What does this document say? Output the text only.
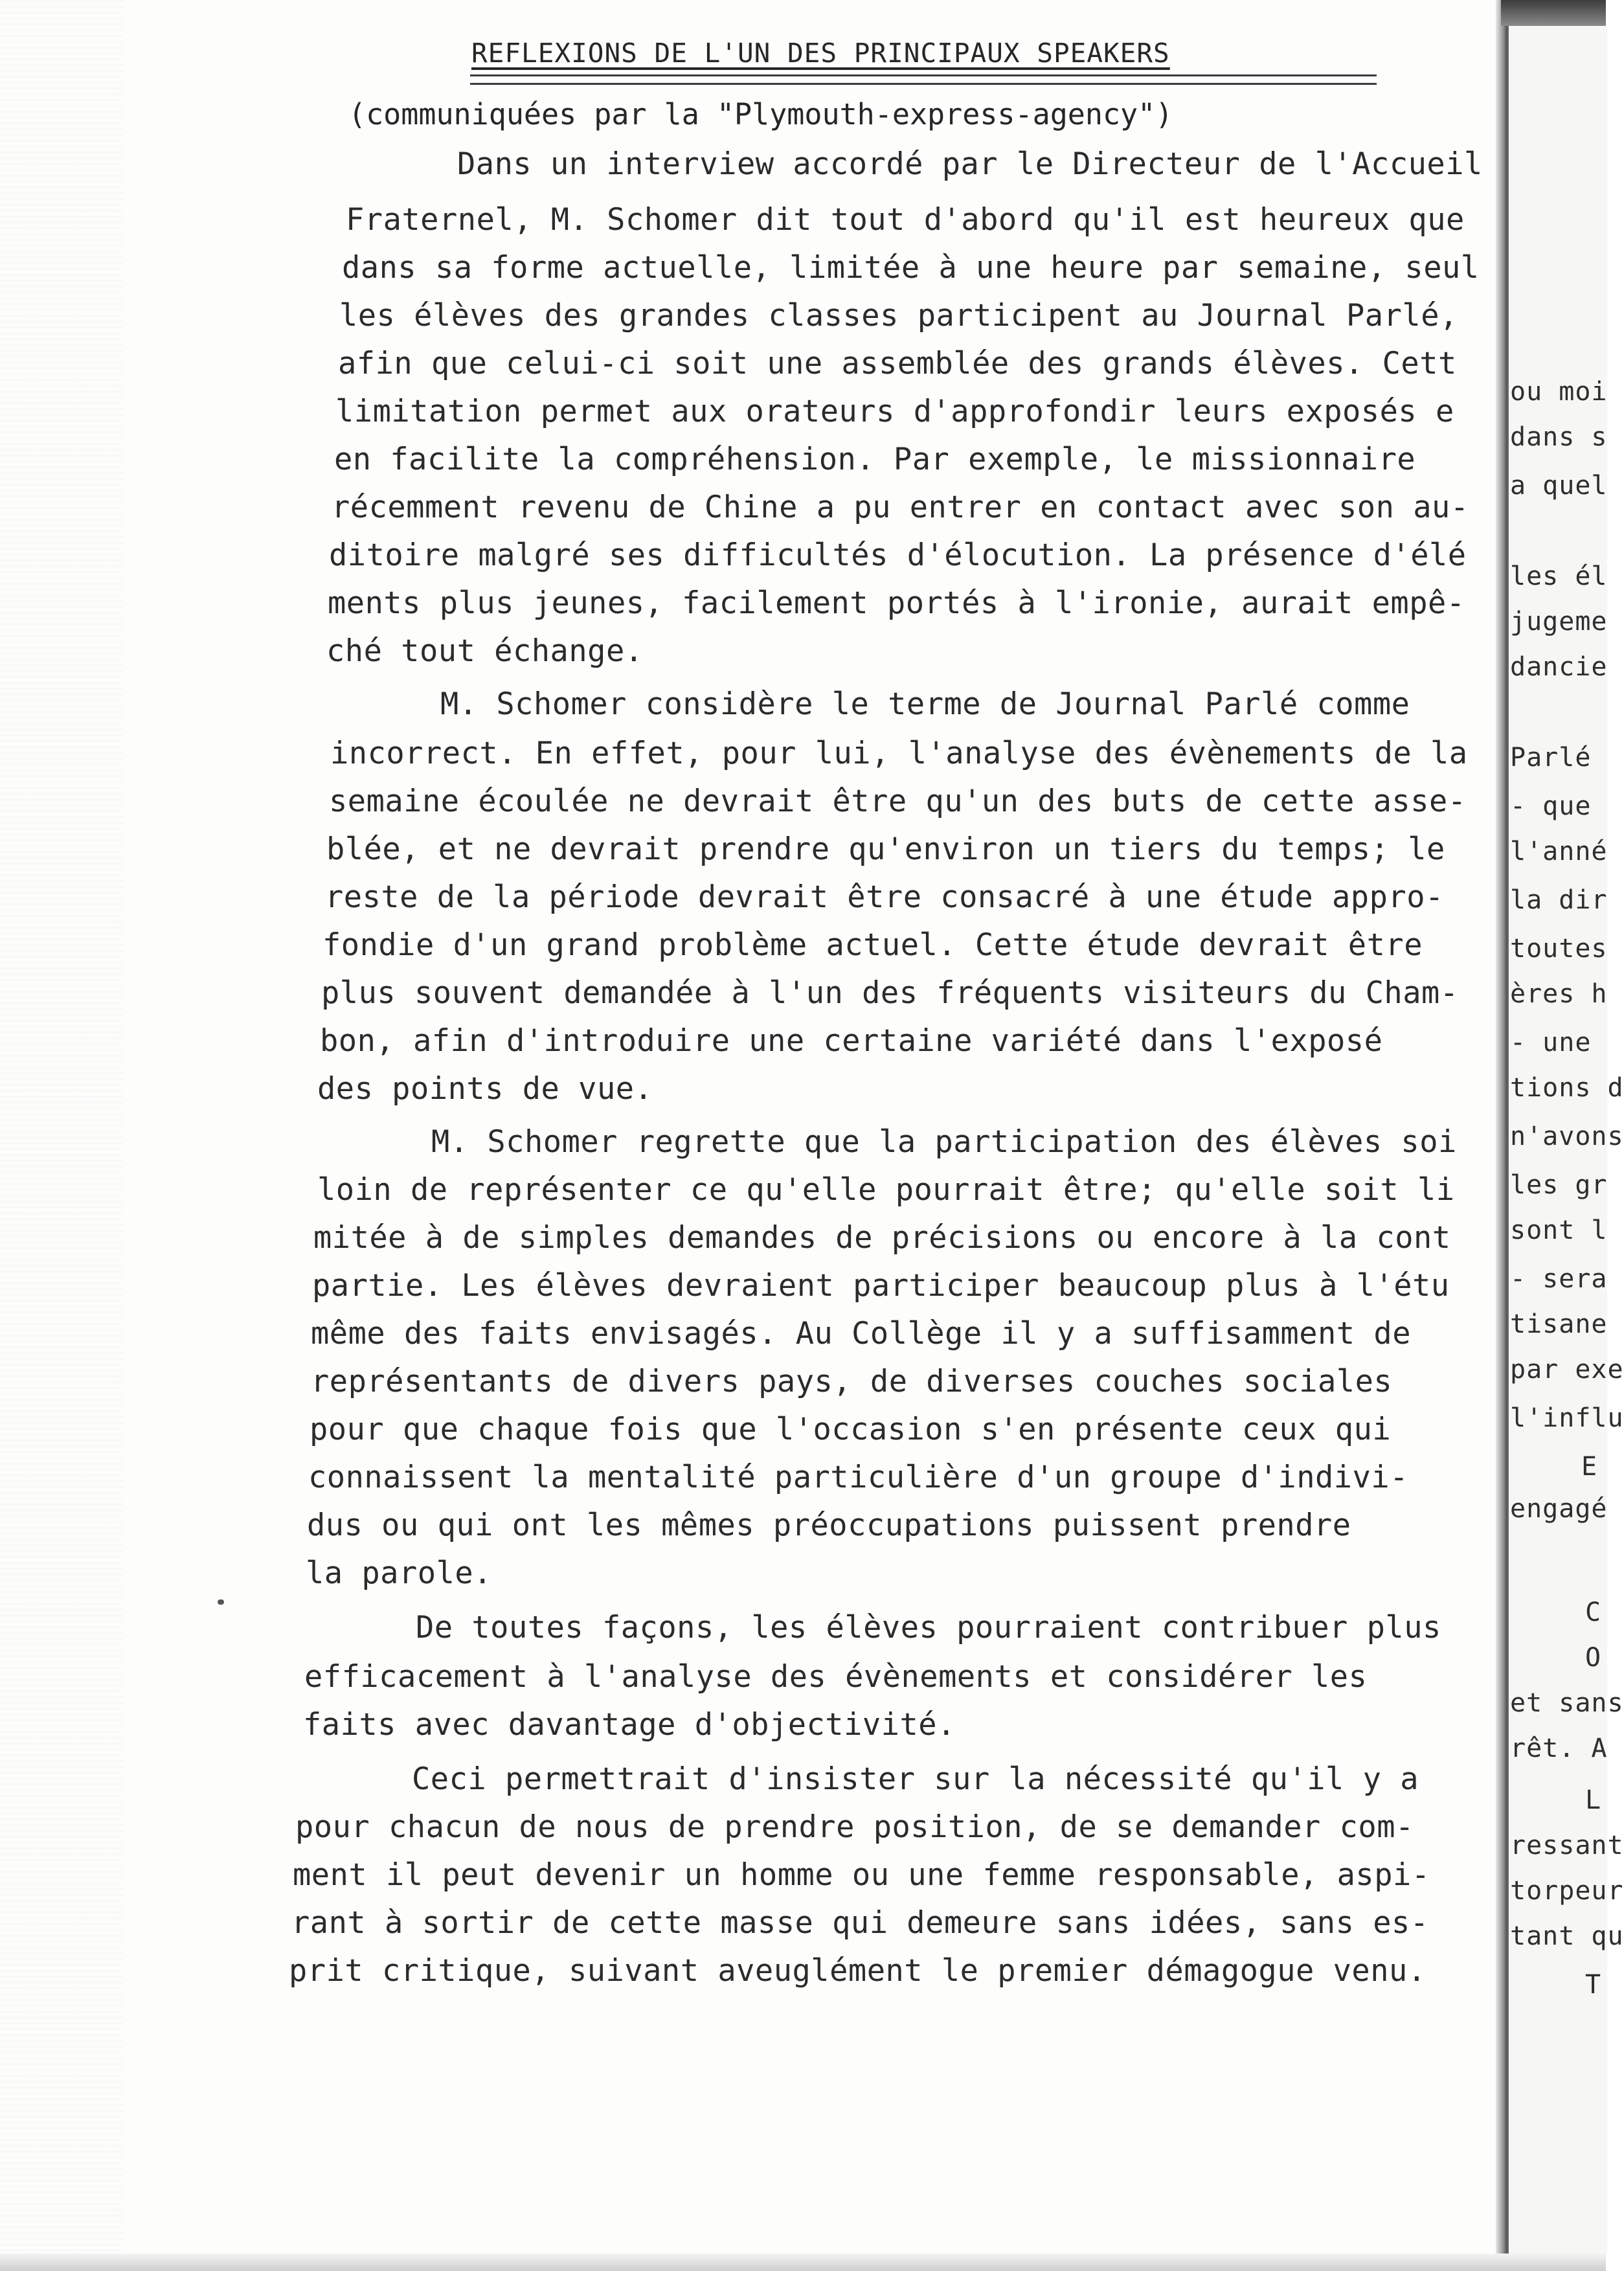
REFLEXIONS DE L'UN DES PRINCIPAUX SPEAKERS
(communiquées par la "Plymouth-express-agency")
Dans un interview accordé par le Directeur de l'Accueil
Fraternel, M. Schomer dit tout d'abord qu'il est heureux que
dans sa forme actuelle, limitée à une heure par semaine, seul
les élèves des grandes classes participent au Journal Parlé,
afin que celui-ci soit une assemblée des grands élèves. Cett
limitation permet aux orateurs d'approfondir leurs exposés e
en facilite la compréhension. Par exemple, le missionnaire
récemment revenu de Chine a pu entrer en contact avec son au-
ditoire malgré ses difficultés d'élocution. La présence d'élé
ments plus jeunes, facilement portés à l'ironie, aurait empê-
ché tout échange.
M. Schomer considère le terme de Journal Parlé comme
incorrect. En effet, pour lui, l'analyse des évènements de la
semaine écoulée ne devrait être qu'un des buts de cette asse-
blée, et ne devrait prendre qu'environ un tiers du temps; le
reste de la période devrait être consacré à une étude appro-
fondie d'un grand problème actuel. Cette étude devrait être
plus souvent demandée à l'un des fréquents visiteurs du Cham-
bon, afin d'introduire une certaine variété dans l'exposé
des points de vue.
M. Schomer regrette que la participation des élèves soi
loin de représenter ce qu'elle pourrait être; qu'elle soit li
mitée à de simples demandes de précisions ou encore à la cont
partie. Les élèves devraient participer beaucoup plus à l'étu
même des faits envisagés. Au Collège il y a suffisamment de
représentants de divers pays, de diverses couches sociales
pour que chaque fois que l'occasion s'en présente ceux qui
connaissent la mentalité particulière d'un groupe d'indivi-
dus ou qui ont les mêmes préoccupations puissent prendre
la parole.
De toutes façons, les élèves pourraient contribuer plus
efficacement à l'analyse des évènements et considérer les
faits avec davantage d'objectivité.
Ceci permettrait d'insister sur la nécessité qu'il y a
pour chacun de nous de prendre position, de se demander com-
ment il peut devenir un homme ou une femme responsable, aspi-
rant à sortir de cette masse qui demeure sans idées, sans es-
prit critique, suivant aveuglément le premier démagogue venu.
ou moi
dans s
a quel
les él
jugeme
dancie
Parlé
- que
l'anné
la dir
toutes
ères h
- une
tions d
n'avons
les gr
sont l
- sera
tisane
par exe
l'influ
E
engagé
C
O
et sans
rêt. A
L
ressant
torpeur
tant qu
T
